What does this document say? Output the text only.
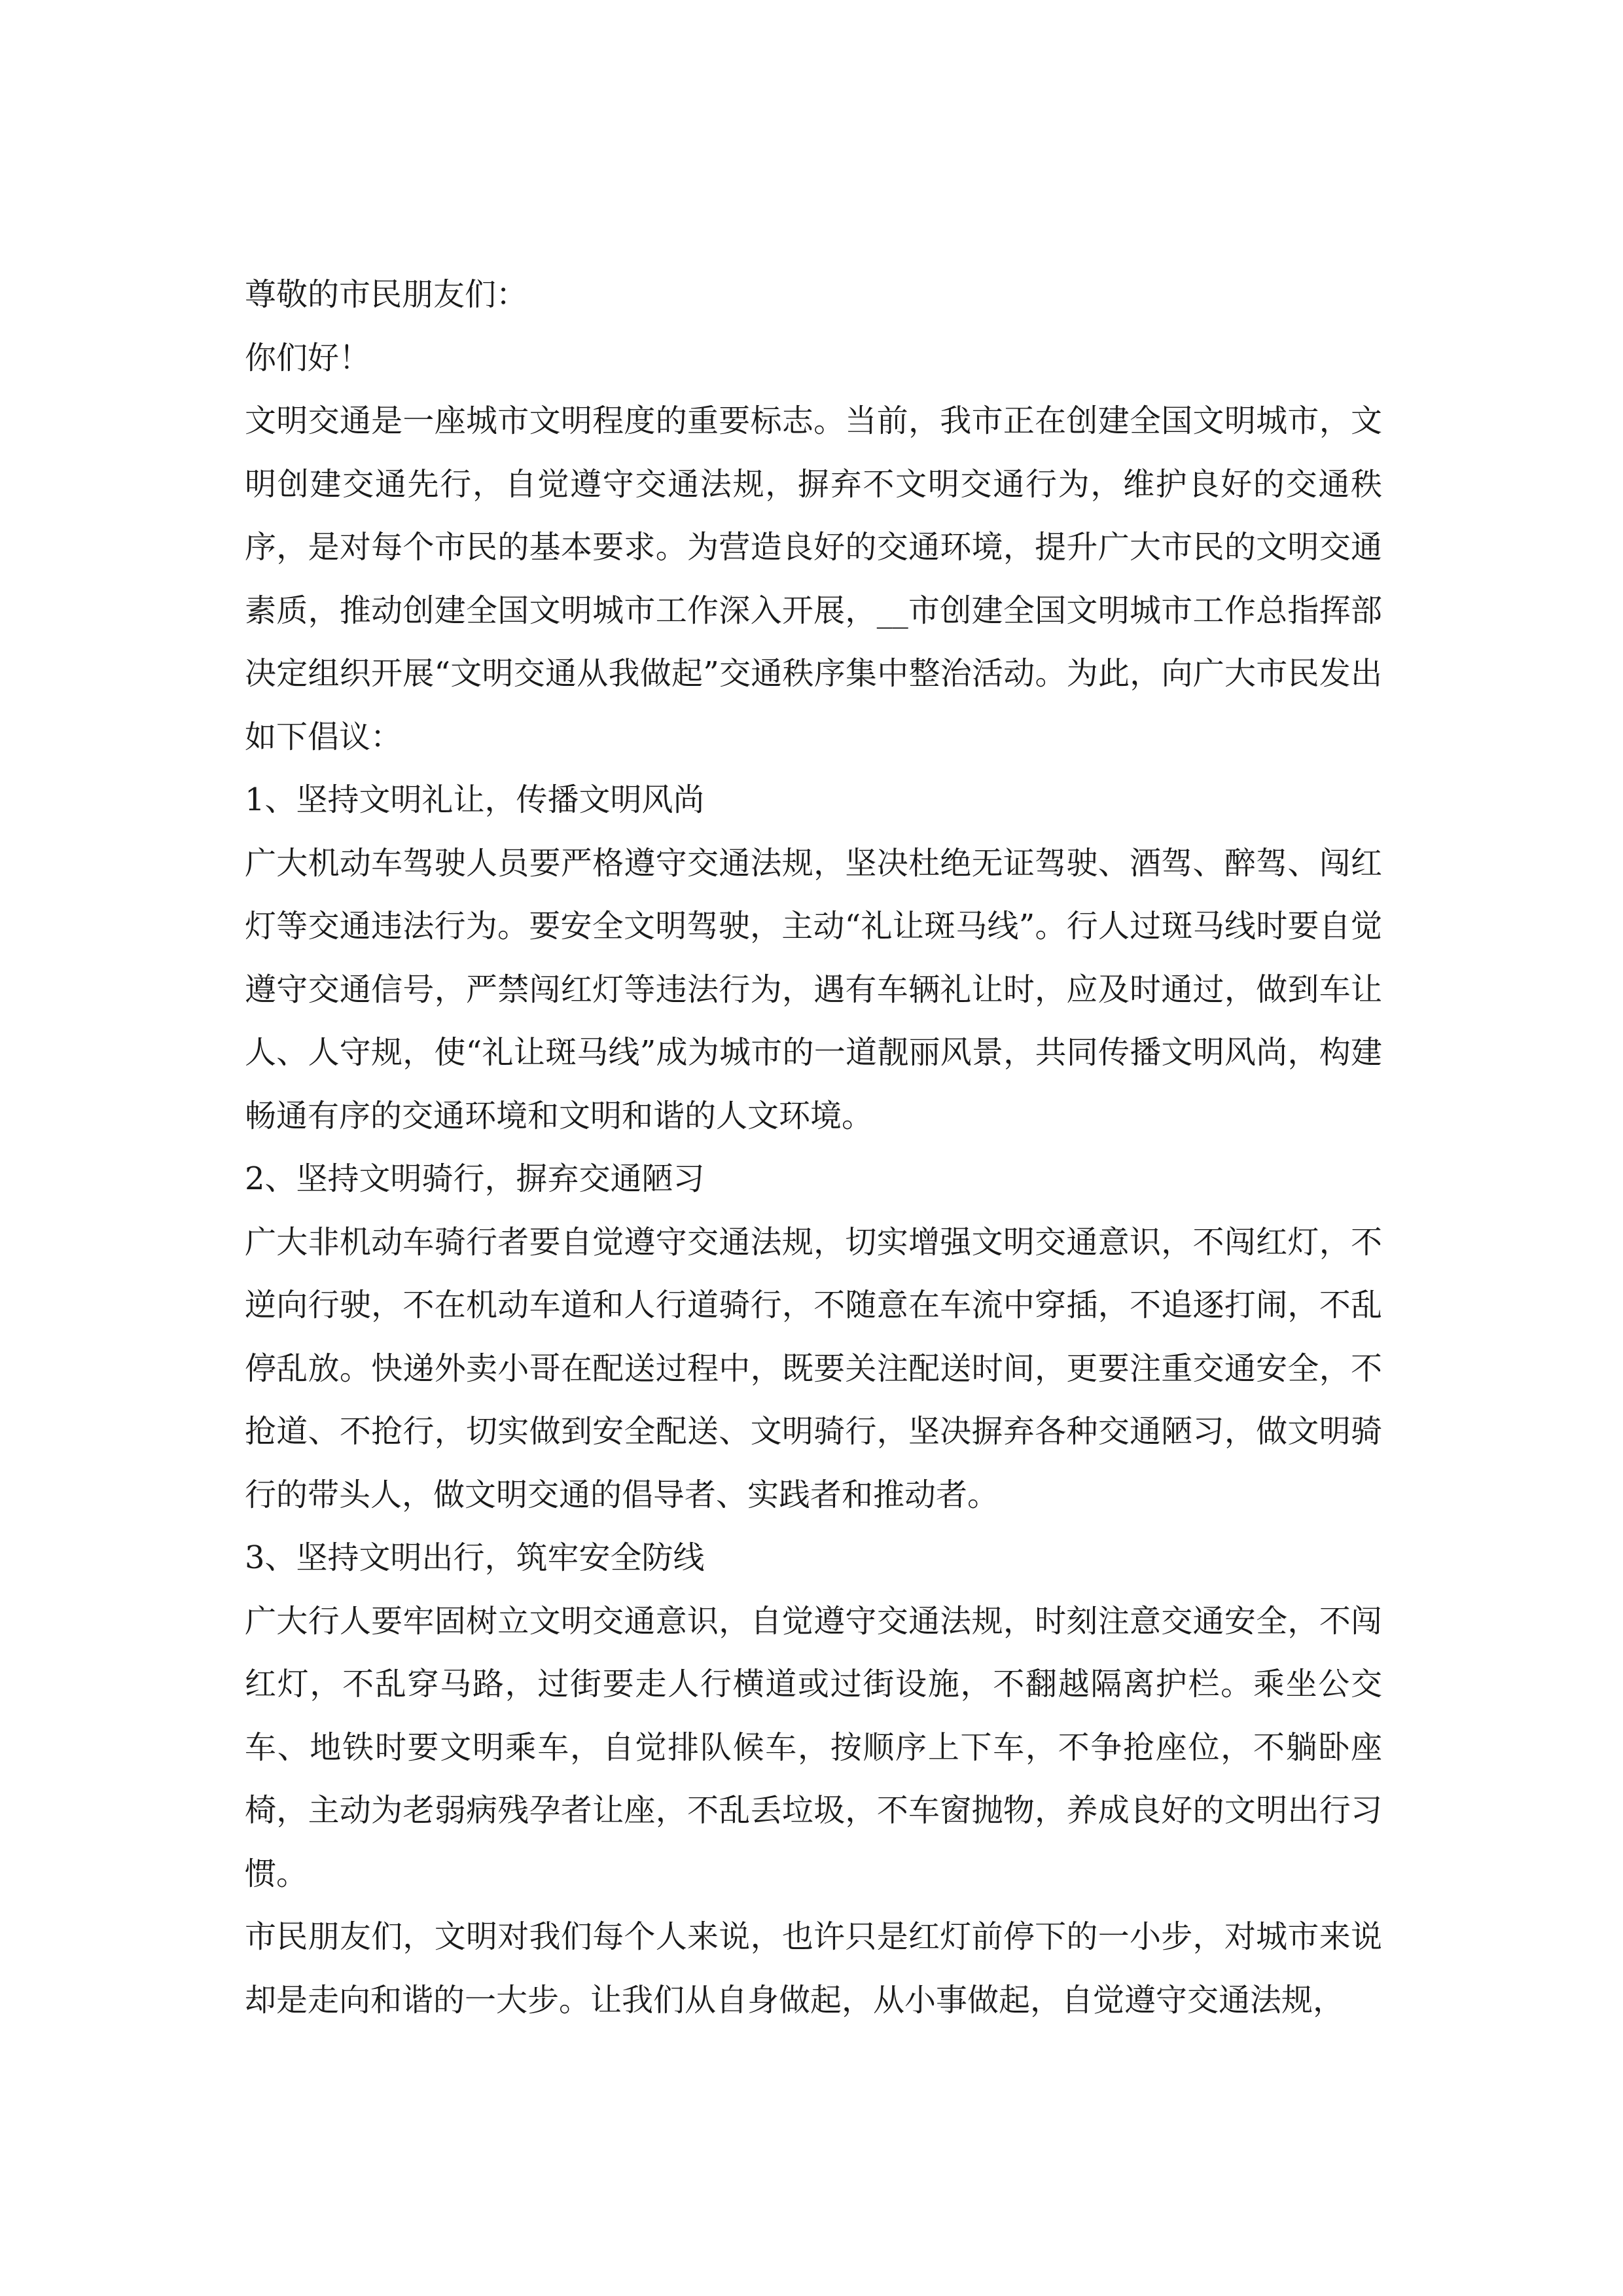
尊敬的市民朋友们：

你们好！

文明交通是一座城市文明程度的重要标志。当前，我市正在创建全国文明城市，文明创建交通先行，自觉遵守交通法规，摒弃不文明交通行为，维护良好的交通秩序，是对每个市民的基本要求。为营造良好的交通环境，提升广大市民的文明交通素质，推动创建全国文明城市工作深入开展，__市创建全国文明城市工作总指挥部决定组织开展“文明交通从我做起”交通秩序集中整治活动。为此，向广大市民发出如下倡议：

1、坚持文明礼让，传播文明风尚

广大机动车驾驶人员要严格遵守交通法规，坚决杜绝无证驾驶、酒驾、醉驾、闯红灯等交通违法行为。要安全文明驾驶，主动“礼让斑马线”。行人过斑马线时要自觉遵守交通信号，严禁闯红灯等违法行为，遇有车辆礼让时，应及时通过，做到车让人、人守规，使“礼让斑马线”成为城市的一道靓丽风景，共同传播文明风尚，构建畅通有序的交通环境和文明和谐的人文环境。

2、坚持文明骑行，摒弃交通陋习

广大非机动车骑行者要自觉遵守交通法规，切实增强文明交通意识，不闯红灯，不逆向行驶，不在机动车道和人行道骑行，不随意在车流中穿插，不追逐打闹，不乱停乱放。快递外卖小哥在配送过程中，既要关注配送时间，更要注重交通安全，不抢道、不抢行，切实做到安全配送、文明骑行，坚决摒弃各种交通陋习，做文明骑行的带头人，做文明交通的倡导者、实践者和推动者。

3、坚持文明出行，筑牢安全防线

广大行人要牢固树立文明交通意识，自觉遵守交通法规，时刻注意交通安全，不闯红灯，不乱穿马路，过街要走人行横道或过街设施，不翻越隔离护栏。乘坐公交车、地铁时要文明乘车，自觉排队候车，按顺序上下车，不争抢座位，不躺卧座椅，主动为老弱病残孕者让座，不乱丢垃圾，不车窗抛物，养成良好的文明出行习惯。

市民朋友们，文明对我们每个人来说，也许只是红灯前停下的一小步，对城市来说却是走向和谐的一大步。让我们从自身做起，从小事做起，自觉遵守交通法规，
